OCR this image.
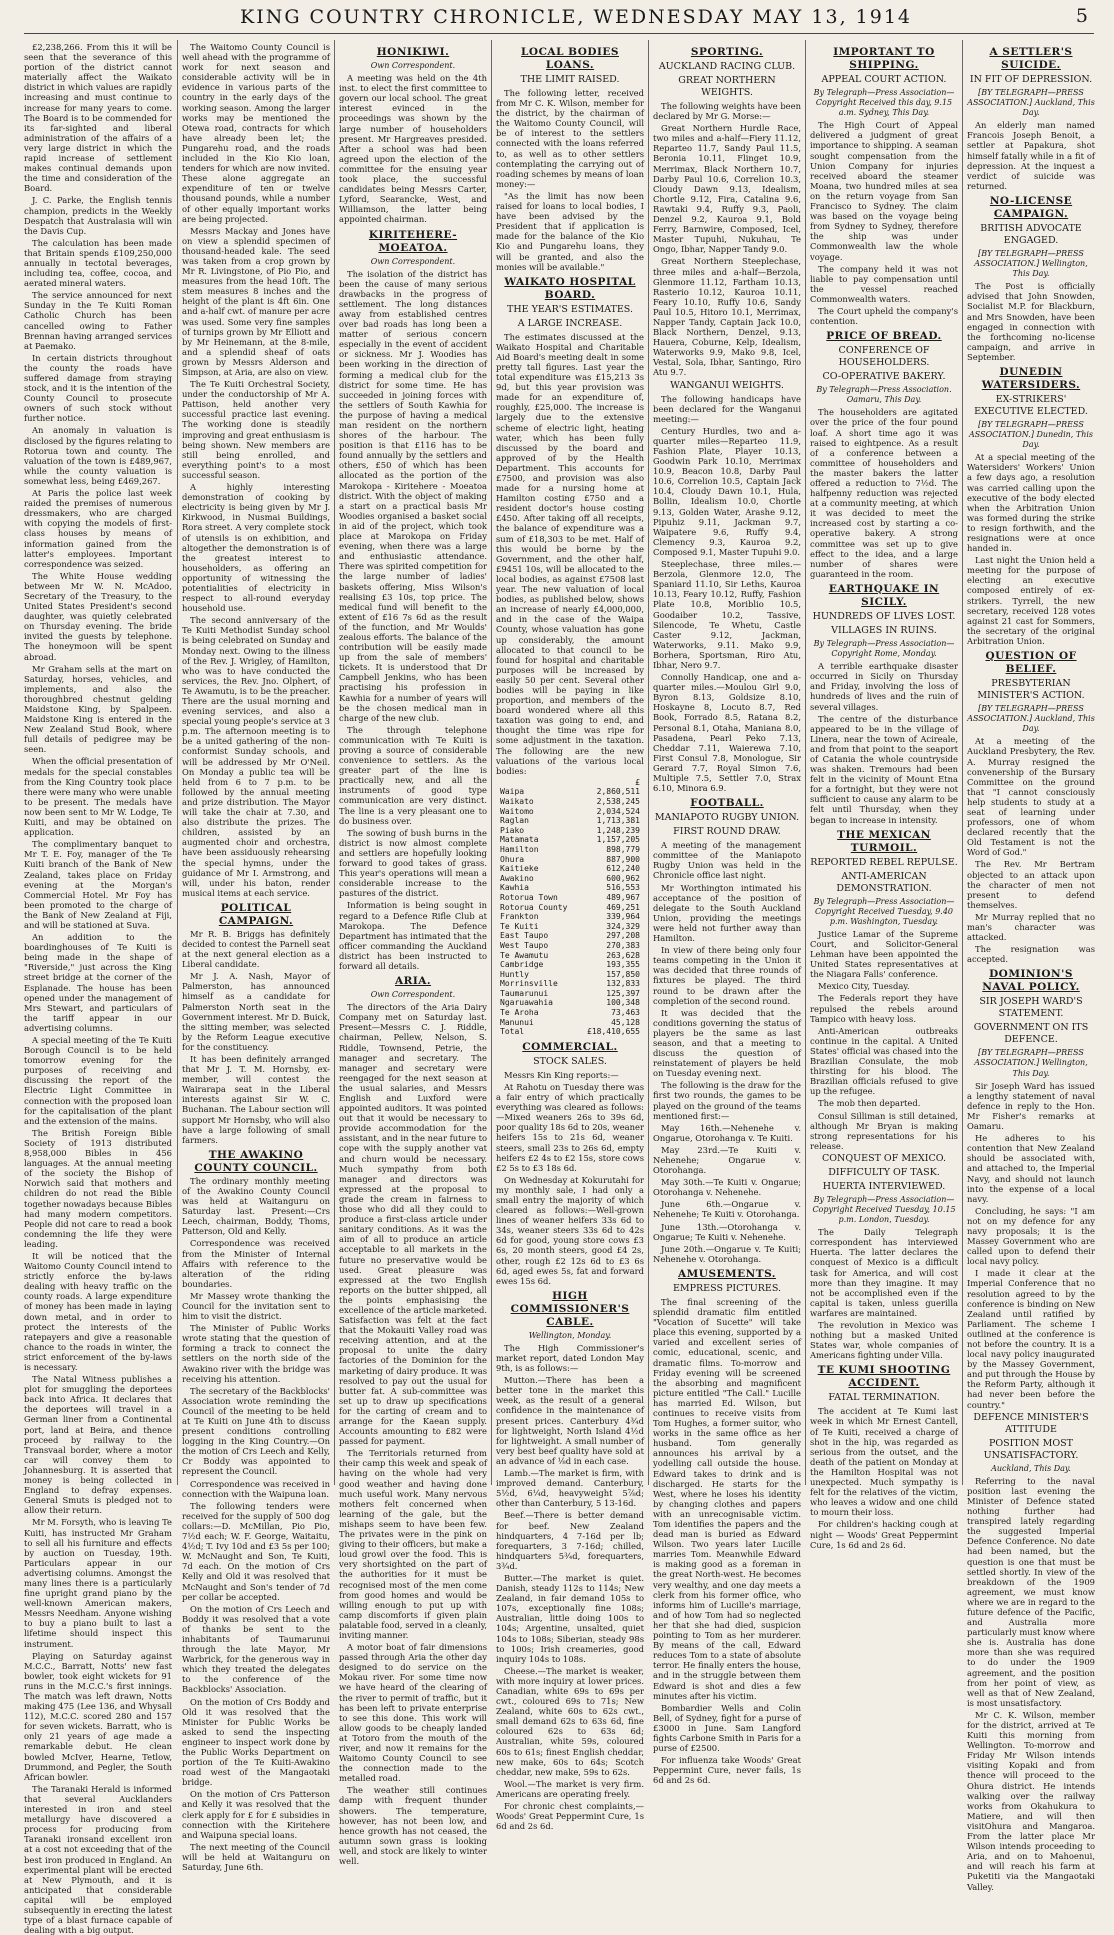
KING COUNTRY CHRONICLE, WEDNESDAY MAY 13, 1914	5

£2,238,266. From this it will be seen that the severance of this portion of the district cannot materially affect the Waikato district in which values are rapidly increasing and must continue to increase for many years to come. The Board is to be commended for its far-sighted and liberal administration of the affairs of a very large district in which the rapid increase of settlement makes continual demands upon the time and consideration of the Board.

J. C. Parke, the English tennis champion, predicts in the Weekly Despatch that Australasia will win the Davis Cup.

The calculation has been made that Britain spends £109,250,000 annually in tectotal beverages, including tea, coffee, cocoa, and aerated mineral waters.

The service announced for next Sunday in the Te Kuiti Roman Catholic Church has been cancelled owing to Father Brennan having arranged services at Paemako.

In certain districts throughout the county the roads have suffered damage from straying stock, and it is the intention of the County Council to prosecute owners of such stock without further notice.

An anomaly in valuation is disclosed by the figures relating to Rotorua town and county. The valuation of the town is £489,967, while the county valuation is somewhat less, being £469,267.

At Paris the police last week raided the premises of numerous dressmakers, who are charged with copying the models of first-class houses by means of information gained from the latter's employees. Important correspondence was seized.

The White House wedding between Mr W. N. McAdoo, Secretary of the Treasury, to the United States President's second daughter, was quietly celebrated on Thursday evening. The bride invited the guests by telephone. The honeymoon will be spent abroad.

Mr Graham sells at the mart on Saturday, horses, vehicles, and implements, and also the thoroughbred chestnut gelding Maidstone King, by Spalpeen. Maidstone King is entered in the New Zealand Stud Book, where full details of pedigree may be seen.

When the official presentation of medals for the special constables from the King Country took place there were many who were unable to be present. The medals have now been sent to Mr W. Lodge, Te Kuiti, and may be obtained on application.

The complimentary banquet to Mr T. E. Foy, manager of the Te Kuiti branch of the Bank of New Zealand, takes place on Friday evening at the Morgan's Commercial Hotel. Mr Foy has been promoted to the charge of the Bank of New Zealand at Fiji, and will be stationed at Suva.

An addition to the boardinghouses of Te Kuiti is being made in the shape of "Riverside," just across the King street bridge at the corner of the Esplanade. The house has been opened under the management of Mrs Stewart, and particulars of the tariff appear in our advertising columns.

A special meeting of the Te Kuiti Borough Council is to be held tomorrow evening for the purposes of receiving and discussing the report of the Electric Light Committee in connection with the proposed loan for the capitalisation of the plant and the extension of the mains.

The British Foreign Bible Society of 1913 distributed 8,958,000 Bibles in 456 languages. At the annual meeting of the society the Bishop of Norwich said that mothers and children do not read the Bible together nowadays because Bibles had many modern competitors. People did not care to read a book condemning the life they were leading.

It will be noticed that the Waitomo County Council intend to strictly enforce the by-laws dealing with heavy traffic on the county roads. A large expenditure of money has been made in laying down metal, and in order to protect the interests of the ratepayers and give a reasonable chance to the roads in winter, the strict enforcement of the by-laws is necessary.

The Natal Witness publishes a plot for smuggling the deportees back into Africa. It declares that the deportees will travel in a German liner from a Continental port, land at Beira, and thence proceed by railway to the Transvaal border, where a motor car will convey them to Johannesburg. It is asserted that money is being collected in England to defray expenses. General Smuts is pledged not to allow their return.

Mr M. Forsyth, who is leaving Te Kuiti, has instructed Mr Graham to sell all his furniture and effects by auction on Tuesday, 19th. Particulars appear in our advertising columns. Amongst the many lines there is a particularly fine upright grand piano by the well-known American makers, Messrs Needham. Anyone wishing to buy a piano built to last a lifetime should inspect this instrument.

Playing on Saturday against M.C.C., Barratt, Notts' new fast bowler, took eight wickets for 91 runs in the M.C.C.'s first innings. The match was left drawn, Notts making 475 (Lee 136, and Whysall 112), M.C.C. scored 280 and 157 for seven wickets. Barratt, who is only 21 years of age made a remarkable debut. He clean bowled McIver, Hearne, Tetlow, Drummond, and Pegler, the South African bowler.

The Taranaki Herald is informed that several Aucklanders interested in iron and steel metallurgy have discovered a process for producing from Taranaki ironsand excellent iron at a cost not exceeding that of the best iron produced in England. An experimental plant will be erected at New Plymouth, and it is anticipated that considerable capital will be employed subsequently in erecting the latest type of a blast furnace capable of dealing with a big output.

The Waitomo County Council is well ahead with the programme of work for next season and considerable activity will be in evidence in various parts of the country in the early days of the working season. Among the larger works may be mentioned the Otewa road, contracts for which have already been let; the Pungarehu road, and the roads included in the Kio Kio loan, tenders for which are now invited. These alone aggregate an expenditure of ten or twelve thousand pounds, while a number of other equally important works are being projected.

Messrs Mackay and Jones have on view a splendid specimen of thousand-headed kale. The seed was taken from a crop grown by Mr R. Livingstone, of Pio Pio, and measures from the head 10ft. The stem measures 8 inches and the height of the plant is 4ft 6in. One and a-half cwt. of manure per acre was used. Some very fine samples of turnips grown by Mr Elliott and by Mr Heinemann, at the 8-mile, and a splendid sheaf of oats grown by Messrs Alderson and Simpson, at Aria, are also on view.

The Te Kuiti Orchestral Society, under the conductorship of Mr A. Pattison, held another very successful practice last evening. The working done is steadily improving and great enthusiasm is being shown. New members are still being enrolled, and everything point's to a most successful season.

A highly interesting demonstration of cooking by electricity is being given by Mr J. Kirkwood, in Nusmai Buildings, Rora street. A very complete stock of utensils is on exhibition, and altogether the demonstration is of the greatest interest to householders, as offering an opportunity of witnessing the potentialities of electricity in respect to all-round everyday household use.

The second anniversary of the Te Kuiti Methodist Sunday school is being celebrated on Sunday and Monday next. Owing to the illness of the Rev. J. Wrigley, of Hamilton, who was to have conducted the services, the Rev. Jno. Olphert, of Te Awamutu, is to be the preacher. There are the usual morning and evening services, and also a special young people's service at 3 p.m. The afternoon meeting is to be a united gathering of the non-conformist Sunday schools, and will be addressed by Mr O'Neil. On Monday a public tea will be held from 6 to 7 p.m. to be followed by the annual meeting and prize distribution. The Mayor will take the chair at 7.30, and also distribute the prizes. The children, assisted by an augmented choir and orchestra, have been assiduously rehearsing the special hymns, under the guidance of Mr I. Armstrong, and will, under his baton, render musical items at each service.

POLITICAL CAMPAIGN.

Mr R. B. Briggs has definitely decided to contest the Parnell seat at the next general election as a Liberal candidate.

Mr J. A. Nash, Mayor of Palmerston, has announced himself as a candidate for Palmerston North seat in the Government interest. Mr D. Buick, the sitting member, was selected by the Reform League executive for the constituency.

It has been definitely arranged that Mr J. T. M. Hornsby, ex-member, will contest the Wairarapa seat in the Liberal interests against Sir W. C. Buchanan. The Labour section will support Mr Hornsby, who will also have a large following of small farmers.

THE AWAKINO COUNTY COUNCIL.

The ordinary monthly meeting of the Awakino County Council was held at Waitanguru on Saturday last. Present:—Crs Leech, chairman, Boddy, Thoms, Patterson, Old and Kelly.

Correspondence was received from the Minister of Internal Affairs with reference to the alteration of the riding boundaries.

Mr Massey wrote thanking the Council for the invitation sent to him to visit the district.

The Minister of Public Works wrote stating that the question of forming a track to connect the settlers on the north side of the Awakino river with the bridge was receiving his attention.

The secretary of the Backblocks' Association wrote reminding the Council of the meeting to be held at Te Kuiti on June 4th to discuss present conditions controlling logging in the King Country.—On the motion of Crs Leech and Kelly, Cr Boddy was appointed to represent the Council.

Correspondence was received in connection with the Waipuna loan.

The following tenders were received for the supply of 500 dog collars:—D. McMillan, Pio Pio, 7½d each; W. F. George, Waitaitu, 4½d; T. Ivy 10d and £3 5s per 100; W. McNaught and Son, Te Kuiti, 7d each. On the motion of Crs Kelly and Old it was resolved that McNaught and Son's tender of 7d per collar be accepted.

On the motion of Crs Leech and Boddy it was resolved that a vote of thanks be sent to the inhabitants of Taumarunui through the late Mayor, Mr Warbrick, for the generous way in which they treated the delegates to the conference of the Backblocks' Association.

On the motion of Crs Boddy and Old it was resolved that the Minister for Public Works be asked to send the inspecting engineer to inspect work done by the Public Works Department on portion of the Te Kuiti-Awakino road west of the Mangaotaki bridge.

On the motion of Crs Patterson and Kelly it was resolved that the clerk apply for £ for £ subsidies in connection with the Kiritehere and Waipuna special loans.

The next meeting of the Council will be held at Waitanguru on Saturday, June 6th.

HONIKIWI.
Own Correspondent.

A meeting was held on the 4th inst. to elect the first committee to govern our local school. The great interest evinced in the proceedings was shown by the large number of householders present. Mr Hargreaves presided. After a school was had been agreed upon the election of the committee for the ensuing year took place, the successful candidates being Messrs Carter, Lyford, Searancke, West, and Williamson, the latter being appointed chairman.

KIRITEHERE-MOEATOA.
Own Correspondent.

The isolation of the district has been the cause of many serious drawbacks in the progress of settlement. The long distances away from established centres over bad roads has long been a matter of serious concern especially in the event of accident or sickness. Mr J. Woodies has been working in the direction of forming a medical club for the district for some time. He has succeeded in joining forces with the settlers of South Kawhia for the purpose of having a medical man resident on the northern shores of the harbour. The position is that £116 has to be found annually by the settlers and others, £50 of which has been allocated as the portion of the Marokopa - Kiritehere - Moeatoa district. With the object of making a start on a practical basis Mr Woodies organised a basket social in aid of the project, which took place at Marokopa on Friday evening, when there was a large and enthusiastic attendance. There was spirited competition for the large number of ladies' baskets offering, Miss Wilson's realising £3 10s, top price. The medical fund will benefit to the extent of £16 7s 6d as the result of the function, and Mr Woulds' zealous efforts. The balance of the contribution will be easily made up from the sale of members' tickets. It is understood that Dr Campbell Jenkins, who has been practising his profession in Kawhia for a number of years will be the chosen medical man in charge of the new club.

The through telephone communication with Te Kuiti is proving a source of considerable convenience to settlers. As the greater part of the line is practically new, and all the instruments of good type communication are very distinct. The line is a very pleasant one to do business over.

The sowing of bush burns in the district is now almost complete and settlers are hopefully looking forward to good takes of grass. This year's operations will mean a considerable increase to the pastures of the district.

Information is being sought in regard to a Defence Rifle Club at Marokopa. The Defence Department has intimated that the officer commanding the Auckland district has been instructed to forward all details.

ARIA.
Own Correspondent.

The directors of the Aria Dairy Company met on Saturday last. Present—Messrs C. J. Riddle, chairman, Pellew, Nelson, S. Riddle, Townsend, Petrie, the manager and secretary. The manager and secretary were reengaged for the next season at the usual salaries, and Messrs English and Luxford were appointed auditors. It was pointed out that it would be necessary to provide accommodation for the assistant, and in the near future to cope with the supply another vat and churn would be necessary. Much sympathy from both manager and directors was expressed at the proposal to grade the cream in fairness to those who did all they could to produce a first-class article under sanitary conditions. As it was the aim of all to produce an article acceptable to all markets in the future no preservative would be used. Great pleasure was expressed at the two English reports on the butter shipped, all the points emphasising the excellence of the article marketed. Satisfaction was felt at the fact that the Mokauiti Valley road was receiving attention, and at the proposal to unite the dairy factories of the Dominion for the marketing of dairy produce. It was resolved to pay out the usual for butter fat. A sub-committee was set up to draw up specifications for the carting of cream and to arrange for the Kaean supply. Accounts amounting to £82 were passed for payment.

The Territorials returned from their camp this week and speak of having on the whole had very good weather and having done much useful work. Many nervous mothers felt concerned when learning of the gale, but the mishaps seem to have been few. The privates were in the pink on giving to their officers, but make a loud growl over the food. This is very shortsighted on the part of the authorities for it must be recognised most of the men come from good homes and would be willing enough to put up with camp discomforts if given plain palatable food, served in a cleanly, inviting manner.

A motor boat of fair dimensions passed through Aria the other day designed to do service on the Mokau river. For some time now we have heard of the clearing of the river to permit of traffic, but it has been left to private enterprise to see this done. This work will allow goods to be cheaply landed at Totoro from the mouth of the river, and now it remains for the Waitomo County Council to see the connection made to the metalled road.

The weather still continues damp with frequent thunder showers. The temperature, however, has not been low, and hence growth has not ceased, the autumn sown grass is looking well, and stock are likely to winter well.

LOCAL BODIES LOANS.
THE LIMIT RAISED.

The following letter, received from Mr C. K. Wilson, member for the district, by the chairman of the Waitomo County Council, will be of interest to the settlers connected with the loans referred to, as well as to other settlers contemplating the carrying out of roading schemes by means of loan money:—

"As the limit has now been raised for loans to local bodies, I have been advised by the President that if application is made for the balance of the Kio Kio and Pungarehu loans, they will be granted, and also the monies will be available."

WAIKATO HOSPITAL BOARD.
THE YEAR'S ESTIMATES.
A LARGE INCREASE.

The estimates discussed at the Waikato Hospital and Charitable Aid Board's meeting dealt in some pretty tall figures. Last year the total expenditure was £15,213 3s 9d, but this year provision was made for an expenditure of, roughly, £25,000. The increase is largely due to the extensive scheme of electric light, heating water, which has been fully discussed by the board and approved of by the Health Department. This accounts for £7500, and provision was also made for a nursing home at Hamilton costing £750 and a resident doctor's house costing £450. After taking off all receipts, the balance of expenditure was a sum of £18,303 to be met. Half of this would be borne by the Government, and the other half, £9451 10s, will be allocated to the local bodies, as against £7508 last year. The new valuation of local bodies, as published below, shows an increase of nearly £4,000,000, and in the case of the Waipa County, whose valuation has gone up considerably, the amount allocated to that council to be found for hospital and charitable purposes will be increased by easily 50 per cent. Several other bodies will be paying in like proportion, and members of the board wondered where all this taxation was going to end, and thought the time was ripe for some adjustment in the taxation. The following are the new valuations of the various local bodies:

£
Waipa	2,860,511
Waikato	2,538,245
Waitomo	2,034,524
Raglan	1,713,381
Piako	1,248,239
Matamata	1,157,205
Hamilton	898,779
Ohura	887,900
Kaitieke	612,240
Awakino	600,962
Kawhia	516,553
Rotorua Town	489,967
Rotorua County	469,251
Frankton	339,964
Te Kuiti	324,329
East Taupo	297,208
West Taupo	270,383
Te Awamutu	263,628
Cambridge	193,355
Huntly	157,850
Morrinsville	132,833
Taumarunui	125,397
Ngaruawahia	100,348
Te Aroha	73,463
Manunui	45,128
Total	£18,410,655
COMMERCIAL.
STOCK SALES.

Messrs Kin King reports:—

At Rahotu on Tuesday there was a fair entry of which practically everything was cleared as follows:—Mixed weaners 26s to 39s 6d, poor quality 18s 6d to 20s, weaner heifers 15s to 21s 6d, weaner steers, small 23s to 26s 6d, empty heifers £2 4s to £2 15s, store cows £2 5s to £3 18s 6d.

On Wednesday at Kokurutahi for my monthly sale, I had only a small entry the majority of which cleared as follows:—Well-grown lines of weaner heifers 33s 6d to 34s, weaner steers 33s 6d to 42s 6d for good, young store cows £3 6s, 20 month steers, good £4 2s, other, rough £2 12s 6d to £3 6s 6d, aged ewes 5s, fat and forward ewes 15s 6d.

HIGH COMMISSIONER'S CABLE.
Wellington, Monday.

The High Commissioner's market report, dated London May 9th, is as follows:—

Mutton.—There has been a better tone in the market this week, as the result of a general confidence in the maintenance of present prices. Canterbury 4¾d for lightweight, North Island 4½d for lightweight. A small number of very best beef quality have sold at an advance of ⅛d in each case.

Lamb.—The market is firm, with improved demand. Canterbury, 5½d, 6¼d, heavyweight 5⅞d; other than Canterbury, 5 13-16d.

Beef.—There is better demand for beef. New Zealand hindquarters, 4 7-16d per lb; forequarters, 3 7-16d; chilled, hindquarters 5¾d, forequarters, 3¾d.

Butter.—The market is quiet. Danish, steady 112s to 114s; New Zealand, in fair demand 105s to 107s, exceptionally fine 108s; Australian, little doing 100s to 104s; Argentine, unsalted, quiet 104s to 108s; Siberian, steady 98s to 100s; Irish creameries, good inquiry 104s to 108s.

Cheese.—The market is weaker, with more inquiry at lower prices. Canadian, white 69s to 69s per cwt., coloured 69s to 71s; New Zealand, white 60s to 62s cwt., small demand 62s to 63s 6d, fine coloured 62s to 63s 6d; Australian, white 59s, coloured 60s to 61s; finest English cheddar, new make, 60s to 64s; Scotch cheddar, new make, 59s to 62s.

Wool.—The market is very firm. Americans are operating freely.

For chronic chest complaints,—Woods' Great Peppermint Cure, 1s 6d and 2s 6d.

SPORTING.
AUCKLAND RACING CLUB.
GREAT NORTHERN WEIGHTS.

The following weights have been declared by Mr G. Morse:—

Great Northern Hurdle Race, two miles and a-half—Fiery 11.12, Reparteo 11.7, Sandy Paul 11.5, Beronia 10.11, Flinget 10.9, Merrimax, Black Northern 10.7, Darby Paul 10.6, Correlion 10.3, Cloudy Dawn 9.13, Idealism, Chortle 9.12, Fira, Catalina 9.6, Rawtaki 9.4, Ruffy 9.3, Paoli, Denzel 9.2, Kauroa 9.1, Bold Ferry, Barnwire, Composed, Icel, Master Tupuhi, Nukuhau, Te Ongo, Ibhar, Napper Tandy 9.0.

Great Northern Steeplechase, three miles and a-half—Berzola, Glenmore 11.12, Fartham 10.13, Rasterio 10.12, Kauroa 10.11, Feary 10.10, Ruffy 10.6, Sandy Paul 10.5, Hitoro 10.1, Merrimax, Napper Tandy, Captain Jack 10.0, Black Northern, Denzel, 9.13, Hauera, Coburne, Kelp, Idealism, Waterworks 9.9, Mako 9.8, Icel, Vestal, Sola, Ibhar, Santingo, Riro Atu 9.7.

WANGANUI WEIGHTS.

The following handicaps have been declared for the Wanganui meeting:—

Century Hurdles, two and a-quarter miles—Reparteo 11.9, Fashion Plate, Player 10.13, Goodwin Park 10.10, Merrimax 10.9, Beacon 10.8, Darby Paul 10.6, Correlion 10.5, Captain Jack 10.4, Cloudy Dawn 10.1, Hula, Bollin, Idealism 10.0, Chortle 9.13, Golden Water, Arashe 9.12, Pipuhiz 9.11, Jackman 9.7, Waipatere 9.6, Ruffy 9.4, Clemency 9.3, Kauroa 9.2, Composed 9.1, Master Tupuhi 9.0.

Steeplechase, three miles.—Berzola, Glenmore 12.0, The Spaniard 11.10, Sir Leths, Kauroa 10.13, Feary 10.12, Ruffy, Fashion Plate 10.8, Moriblio 10.5, Goodaiber 10.2, Tassive, Silencode, Te Whetu, Castle Caster 9.12, Jackman, Waterworks, 9.11. Mako 9.9, Borhera, Sportsman, Riro Atu, Ibhar, Nero 9.7.

Connolly Handicap, one and a-quarter miles.—Moulou Girl 9.0, Byron 8.13, Goldsize 8.10, Hoskayne 8, Locuto 8.7, Red Book, Forrado 8.5, Ratana 8.2, Personal 8.1, Otaha, Maniana 8.0, Pasadena, Pearl Peko 7.13, Cheddar 7.11, Waierewa 7.10, First Consul 7.8, Monologue, Sir Gerard 7.7, Royal Simon 7.6, Multiple 7.5, Settler 7.0, Strax 6.10, Minora 6.9.

FOOTBALL.
MANIAPOTO RUGBY UNION.
FIRST ROUND DRAW.

A meeting of the management committee of the Maniapoto Rugby Union was held in the Chronicle office last night.

Mr Worthington intimated his acceptance of the position of delegate to the South Auckland Union, providing the meetings were held not further away than Hamilton.

In view of there being only four teams competing in the Union it was decided that three rounds of fixtures be played. The third round to be drawn after the completion of the second round.

It was decided that the conditions governing the status of players be the same as last season, and that a meeting to discuss the question of reinstatement of players be held on Tuesday evening next.

The following is the draw for the first two rounds, the games to be played on the ground of the teams mentioned first:—

May 16th.—Nehenehe v. Ongarue, Otorohanga v. Te Kuiti.

May 23rd.—Te Kuiti v. Nehenehe; Ongarue v. Otorohanga.

May 30th.—Te Kuiti v. Ongarue; Otorohanga v. Nehenehe.

June 6th.—Ongarue v. Nehenehe; Te Kuiti v. Otorohanga.

June 13th.—Otorohanga v. Ongarue; Te Kuiti v. Nehenehe.

June 20th.—Ongarue v. Te Kuiti; Nehenehe v. Otorohanga.

AMUSEMENTS.
EMPRESS PICTURES.

The final screening of the splendid dramatic film entitled "Vocation of Sucette" will take place this evening, supported by a varied and excellent series of comic, educational, scenic, and dramatic films. To-morrow and Friday evening will be screened the absorbing and magnificent picture entitled "The Call." Lucille has married Ed. Wilson, but continues to receive visits from Tom Hughes, a former suitor, who works in the same office as her husband. Tom generally announces his arrival by a yodelling call outside the house. Edward takes to drink and is discharged. He starts for the West, where he loses his identity by changing clothes and papers with an unrecognisable victim. Tom identifies the papers and the dead man is buried as Edward Wilson. Two years later Lucille marries Tom. Meanwhile Edward is making good as a foreman in the great North-west. He becomes very wealthy, and one day meets a clerk from his former office, who informs him of Lucille's marriage, and of how Tom had so neglected her that she had died, suspicion pointing to Tom as her murderer. By means of the call, Edward reduces Tom to a state of absolute terror. He finally enters the house, and in the struggle between them Edward is shot and dies a few minutes after his victim.

Bombardier Wells and Colin Bell, of Sydney, fight for a purse of £3000 in June. Sam Langford fights Carbone Smith in Paris for a purse of £2500.

For influenza take Woods' Great Peppermint Cure, never fails, 1s 6d and 2s 6d.

IMPORTANT TO SHIPPING.
APPEAL COURT ACTION.
By Telegraph—Press Association—Copyright Received this day, 9.15 a.m. Sydney, This Day.

The High Court of Appeal delivered a judgment of great importance to shipping. A seaman sought compensation from the Union Company for injuries received aboard the steamer Moana, two hundred miles at sea on the return voyage from San Francisco to Sydney. The claim was based on the voyage being from Sydney to Sydney, therefore the ship was under Commonwealth law the whole voyage.

The company held it was not liable to pay compensation until the vessel reached Commonwealth waters.

The Court upheld the company's contention.

PRICE OF BREAD.
CONFERENCE OF HOUSEHOLDERS.
CO-OPERATIVE BAKERY.
By Telegraph—Press Association. Oamaru, This Day.

The householders are agitated over the price of the four pound loaf. A short time ago it was raised to eightpence. As a result of a conference between a committee of householders and the master bakers the latter offered a reduction to 7½d. The halfpenny reduction was rejected at a community meeting, at which it was decided to meet the increased cost by starting a co-operative bakery. A strong committee was set up to give effect to the idea, and a large number of shares were guaranteed in the room.

EARTHQUAKE IN SICILY.
HUNDREDS OF LIVES LOST.
VILLAGES IN RUINS.
By Telegraph—Press Association—Copyright Rome, Monday.

A terrible earthquake disaster occurred in Sicily on Thursday and Friday, involving the loss of hundreds of lives and the ruin of several villages.

The centre of the disturbance appeared to be in the village of Linera, near the town of Acireale, and from that point to the seaport of Catania the whole countryside was shaken. Tremours had been felt in the vicinity of Mount Etna for a fortnight, but they were not sufficient to cause any alarm to be felt until Thursday, when they began to increase in intensity.

THE MEXICAN TURMOIL.
REPORTED REBEL REPULSE.
ANTI-AMERICAN DEMONSTRATION.
By Telegraph—Press Association—Copyright Received Tuesday, 9.40 p.m. Washington, Tuesday.

Justice Lamar of the Supreme Court, and Solicitor-General Lehman have been appointed the United States representatives at the Niagara Falls' conference.

Mexico City, Tuesday.

The Federals report they have repulsed the rebels around Tampico with heavy loss.

Anti-American outbreaks continue in the capital. A United States' official was chased into the Brazilian Consulate, the mob thirsting for his blood. The Brazilian officials refused to give up the refugee.

The mob then departed.

Consul Silliman is still detained, although Mr Bryan is making strong representations for his release.

CONQUEST OF MEXICO.
DIFFICULTY OF TASK.
HUERTA INTERVIEWED.
By Telegraph—Press Association—Copyright Received Tuesday, 10.15 p.m. London, Tuesday.

The Daily Telegraph correspondent has interviewed Huerta. The latter declares the conquest of Mexico is a difficult task for America, and will cost more than they imagine. It may not be accomplished even if the capital is taken, unless guerilla warfares are maintained.

The revolution in Mexico was nothing but a masked United States war, whole companies of Americans fighting under Villa.

TE KUMI SHOOTING ACCIDENT.
FATAL TERMINATION.

The accident at Te Kumi last week in which Mr Ernest Cantell, of Te Kuiti, received a charge of shot in the hip, was regarded as serious from the outset, and the death of the patient on Monday at the Hamilton Hospital was not unexpected. Much sympathy is felt for the relatives of the victim, who leaves a widow and one child to mourn their loss.

For children's hacking cough at night — Woods' Great Peppermint Cure, 1s 6d and 2s 6d.

A SETTLER'S SUICIDE.
IN FIT OF DEPRESSION.
[BY TELEGRAPH—PRESS ASSOCIATION.] Auckland, This Day.

An elderly man named Francois Joseph Benoit, a settler at Papakura, shot himself fatally while in a fit of depression. At the inquest a verdict of suicide was returned.

NO-LICENSE CAMPAIGN.
BRITISH ADVOCATE ENGAGED.
[BY TELEGRAPH—PRESS ASSOCIATION.] Wellington, This Day.

The Post is officially advised that John Snowden, Socialist M.P. for Blackburn, and Mrs Snowden, have been engaged in connection with the forthcoming no-license campaign, and arrive in September.

DUNEDIN WATERSIDERS.
EX-STRIKERS' EXECUTIVE ELECTED.
[BY TELEGRAPH—PRESS ASSOCIATION.] Dunedin, This Day.

At a special meeting of the Watersiders' Workers' Union a few days ago, a resolution was carried calling upon the executive of the body elected when the Arbitration Union was formed during the strike to resign forthwith, and the resignations were at once handed in.

Last night the Union held a meeting for the purpose of electing an executive composed entirely of ex-strikers. Tyrrell, the new secretary, received 128 votes against 21 cast for Sommers, the secretary of the original Arbitration Union.

QUESTION OF BELIEF.
PRESBYTERIAN MINISTER'S ACTION.
[BY TELEGRAPH—PRESS ASSOCIATION.] Auckland, This Day.

At a meeting of the Auckland Presbytery, the Rev. A. Murray resigned the convenership of the Bursary Committee on the ground that "I cannot consciously help students to study at a seat of learning under professors, one of whom declared recently that the Old Testament is not the Word of God."

The Rev. Mr Bertram objected to an attack upon the character of men not present to defend themselves.

Mr Murray replied that no man's character was attacked.

The resignation was accepted.

DOMINION'S NAVAL POLICY.
SIR JOSEPH WARD'S STATEMENT.
GOVERNMENT ON ITS DEFENCE.
[BY TELEGRAPH—PRESS ASSOCIATION.] Wellington, This Day.

Sir Joseph Ward has issued a lengthy statement of naval defence in reply to the Hon. Mr Fisher's remarks at Oamaru.

He adheres to his contention that New Zealand should be associated with, and attached to, the Imperial Navy, and should not launch into the expense of a local navy.

Concluding, he says: "I am not on my defence for any navy proposals; it is the Massey Government who are called upon to defend their local navy policy.

I made it clear at the Imperial Conference that no resolution agreed to by the conference is binding on New Zealand until ratified by Parliament. The scheme I outlined at the conference is not before the country. It is a local navy policy inaugurated by the Massey Government, and put through the House by the Reform Party, although it had never been before the country."

DEFENCE MINISTER'S ATTITUDE
POSITION MOST UNSATISFACTORY.
Auckland, This Day.

Referring to the naval position last evening the Minister of Defence stated nothing further had transpired lately regarding the suggested Imperial Defence Conference. No date had been named, but the question is one that must be settled shortly. In view of the breakdown of the 1909 agreement, we must know where we are in regard to the future defence of the Pacific, and Australia more particularly must know where she is. Australia has done more than she was required to do under the 1909 agreement, and the position from her point of view, as well as that of New Zealand, is most unsatisfactory.

Mr C. K. Wilson, member for the district, arrived at Te Kuiti this morning from Wellington. To-morrow and Friday Mr Wilson intends visiting Kopaki and from thence will proceed to the Ohura district. He intends walking over the railway works from Okahukura to Matiere, and will then visitOhura and Mangaroa. From the latter place Mr Wilson intends proceeding to Aria, and on to Mahoenui, and will reach his farm at Puketiti via the Mangaotaki Valley.
